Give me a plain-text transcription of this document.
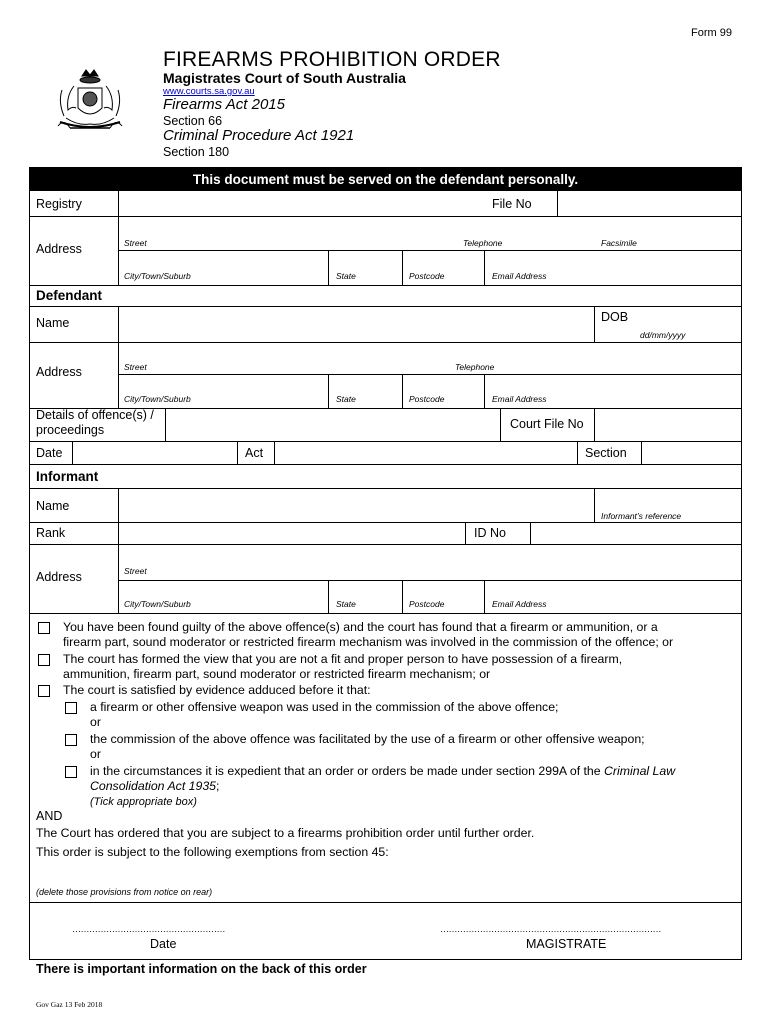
Form 99
FIREARMS PROHIBITION ORDER
Magistrates Court of South Australia
www.courts.sa.gov.au
Firearms Act 2015
Section 66
Criminal Procedure Act 1921
Section 180
This document must be served on the defendant personally.
Registry	File No
Address	Street	Telephone	Facsimile
City/Town/Suburb	State	Postcode	Email Address
Defendant
Name	DOB
dd/mm/yyyy
Address	Street	Telephone
City/Town/Suburb	State	Postcode	Email Address
Details of offence(s) /
proceedings	Court File No
Date	Act	Section
Informant
Name
Informant’s reference
Rank	ID No
Address	Street
City/Town/Suburb	State	Postcode	Email Address
You have been found guilty of the above offence(s) and the court has found that a firearm or ammunition, or a
firearm part, sound moderator or restricted firearm mechanism was involved in the commission of the offence; or
The court has formed the view that you are not a fit and proper person to have possession of a firearm,
ammunition, firearm part, sound moderator or restricted firearm mechanism; or
The court is satisfied by evidence adduced before it that:
a firearm or other offensive weapon was used in the commission of the above offence;
or
the commission of the above offence was facilitated by the use of a firearm or other offensive weapon;
or
in the circumstances it is expedient that an order or orders be made under section 299A of the Criminal Law
Consolidation Act 1935;
(Tick appropriate box)
AND
The Court has ordered that you are subject to a firearms prohibition order until further order.
This order is subject to the following exemptions from section 45:
(delete those provisions from notice on rear)
………………………………………………
Date
……………………………………………………………………
MAGISTRATE
There is important information on the back of this order
Gov Gaz 13 Feb 2018
